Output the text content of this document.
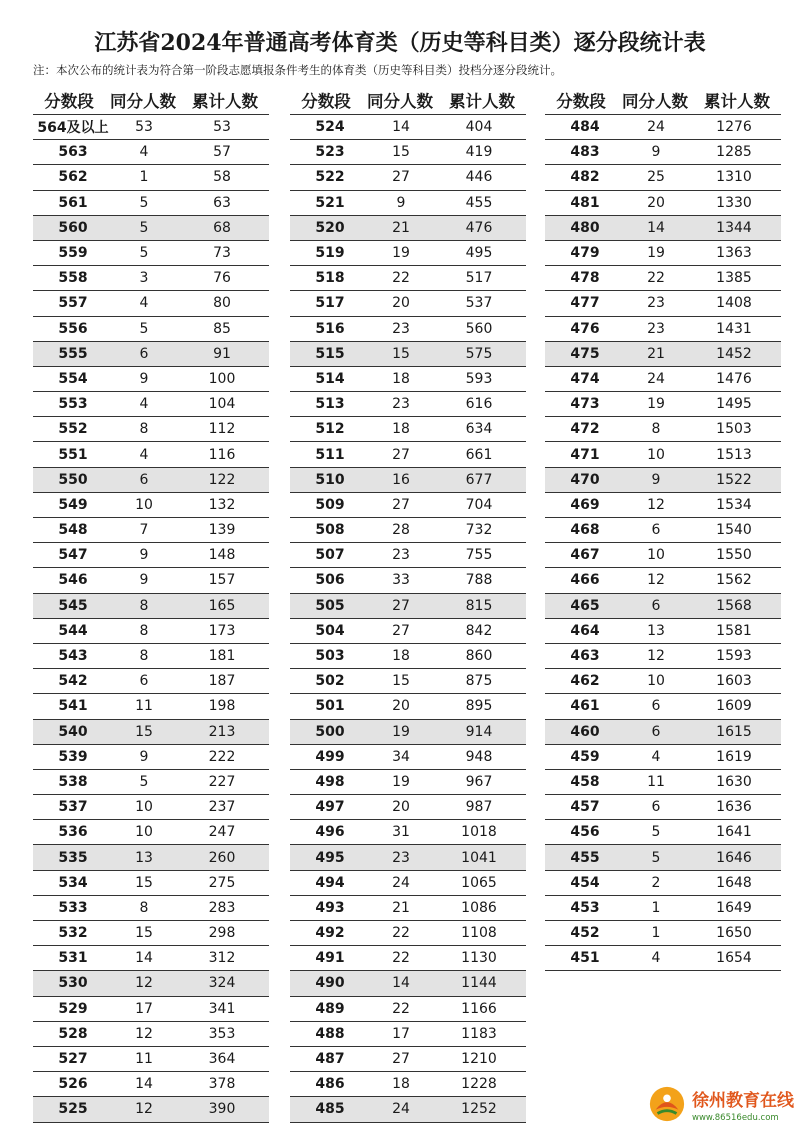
江苏省2024年普通高考体育类（历史等科目类）逐分段统计表
注：本次公布的统计表为符合第一阶段志愿填报条件考生的体育类（历史等科目类）投档分逐分段统计。
分数段 同分人数 累计人数
564及以上	53	53
563	4	57
562	1	58
561	5	63
560	5	68
559	5	73
558	3	76
557	4	80
556	5	85
555	6	91
554	9	100
553	4	104
552	8	112
551	4	116
550	6	122
549	10	132
548	7	139
547	9	148
546	9	157
545	8	165
544	8	173
543	8	181
542	6	187
541	11	198
540	15	213
539	9	222
538	5	227
537	10	237
536	10	247
535	13	260
534	15	275
533	8	283
532	15	298
531	14	312
530	12	324
529	17	341
528	12	353
527	11	364
526	14	378
525	12	390
分数段 同分人数 累计人数
524	14	404
523	15	419
522	27	446
521	9	455
520	21	476
519	19	495
518	22	517
517	20	537
516	23	560
515	15	575
514	18	593
513	23	616
512	18	634
511	27	661
510	16	677
509	27	704
508	28	732
507	23	755
506	33	788
505	27	815
504	27	842
503	18	860
502	15	875
501	20	895
500	19	914
499	34	948
498	19	967
497	20	987
496	31	1018
495	23	1041
494	24	1065
493	21	1086
492	22	1108
491	22	1130
490	14	1144
489	22	1166
488	17	1183
487	27	1210
486	18	1228
485	24	1252
分数段 同分人数 累计人数
484	24	1276
483	9	1285
482	25	1310
481	20	1330
480	14	1344
479	19	1363
478	22	1385
477	23	1408
476	23	1431
475	21	1452
474	24	1476
473	19	1495
472	8	1503
471	10	1513
470	9	1522
469	12	1534
468	6	1540
467	10	1550
466	12	1562
465	6	1568
464	13	1581
463	12	1593
462	10	1603
461	6	1609
460	6	1615
459	4	1619
458	11	1630
457	6	1636
456	5	1641
455	5	1646
454	2	1648
453	1	1649
452	1	1650
451	4	1654
徐州教育在线
www.86516edu.com
